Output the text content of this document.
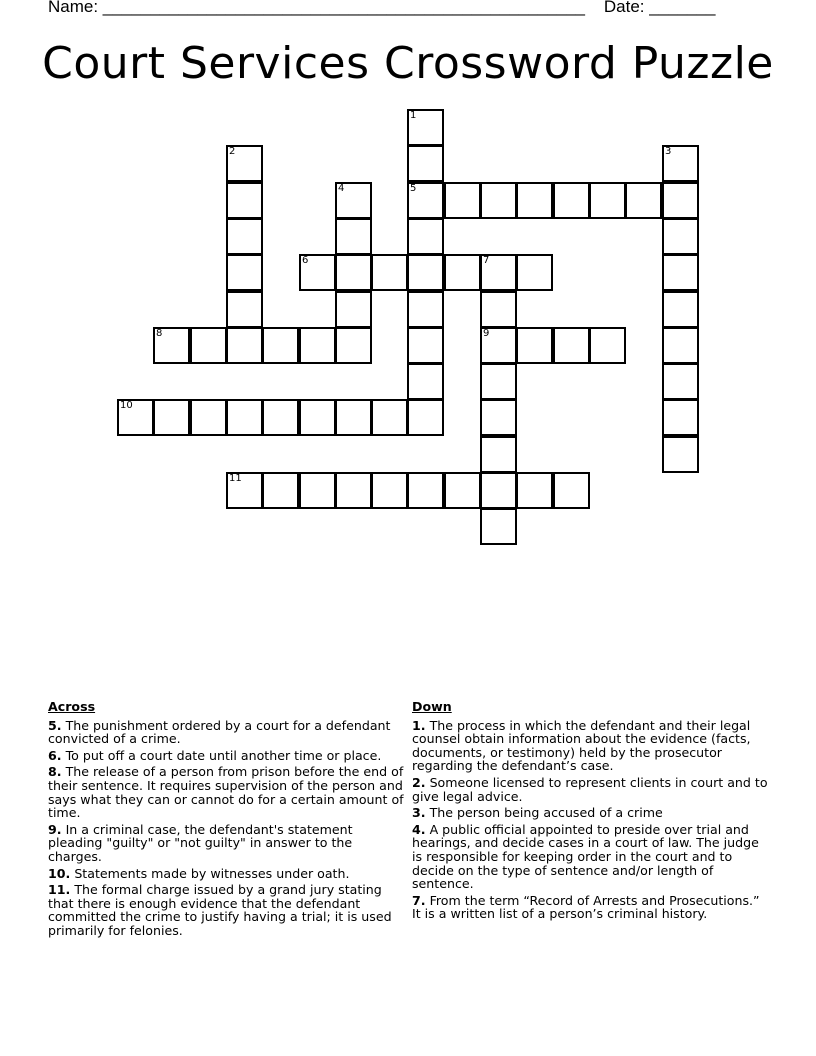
Name: ___________________________________________________    Date: _______
Court Services Crossword Puzzle
1
2	3
4	5
6	7
8	9
10
11
Across
5. The punishment ordered by a court for a defendant convicted of a crime.
6. To put off a court date until another time or place.
8. The release of a person from prison before the end of their sentence. It requires supervision of the person and says what they can or cannot do for a certain amount of time.
9. In a criminal case, the defendant's statement pleading "guilty" or "not guilty" in answer to the charges.
10. Statements made by witnesses under oath.
11. The formal charge issued by a grand jury stating that there is enough evidence that the defendant committed the crime to justify having a trial; it is used primarily for felonies.
Down
1. The process in which the defendant and their legal counsel obtain information about the evidence (facts, documents, or testimony) held by the prosecutor regarding the defendant’s case.
2. Someone licensed to represent clients in court and to give legal advice.
3. The person being accused of a crime
4. A public official appointed to preside over trial and hearings, and decide cases in a court of law. The judge is responsible for keeping order in the court and to decide on the type of sentence and/or length of sentence.
7. From the term “Record of Arrests and Prosecutions.” It is a written list of a person’s criminal history.
